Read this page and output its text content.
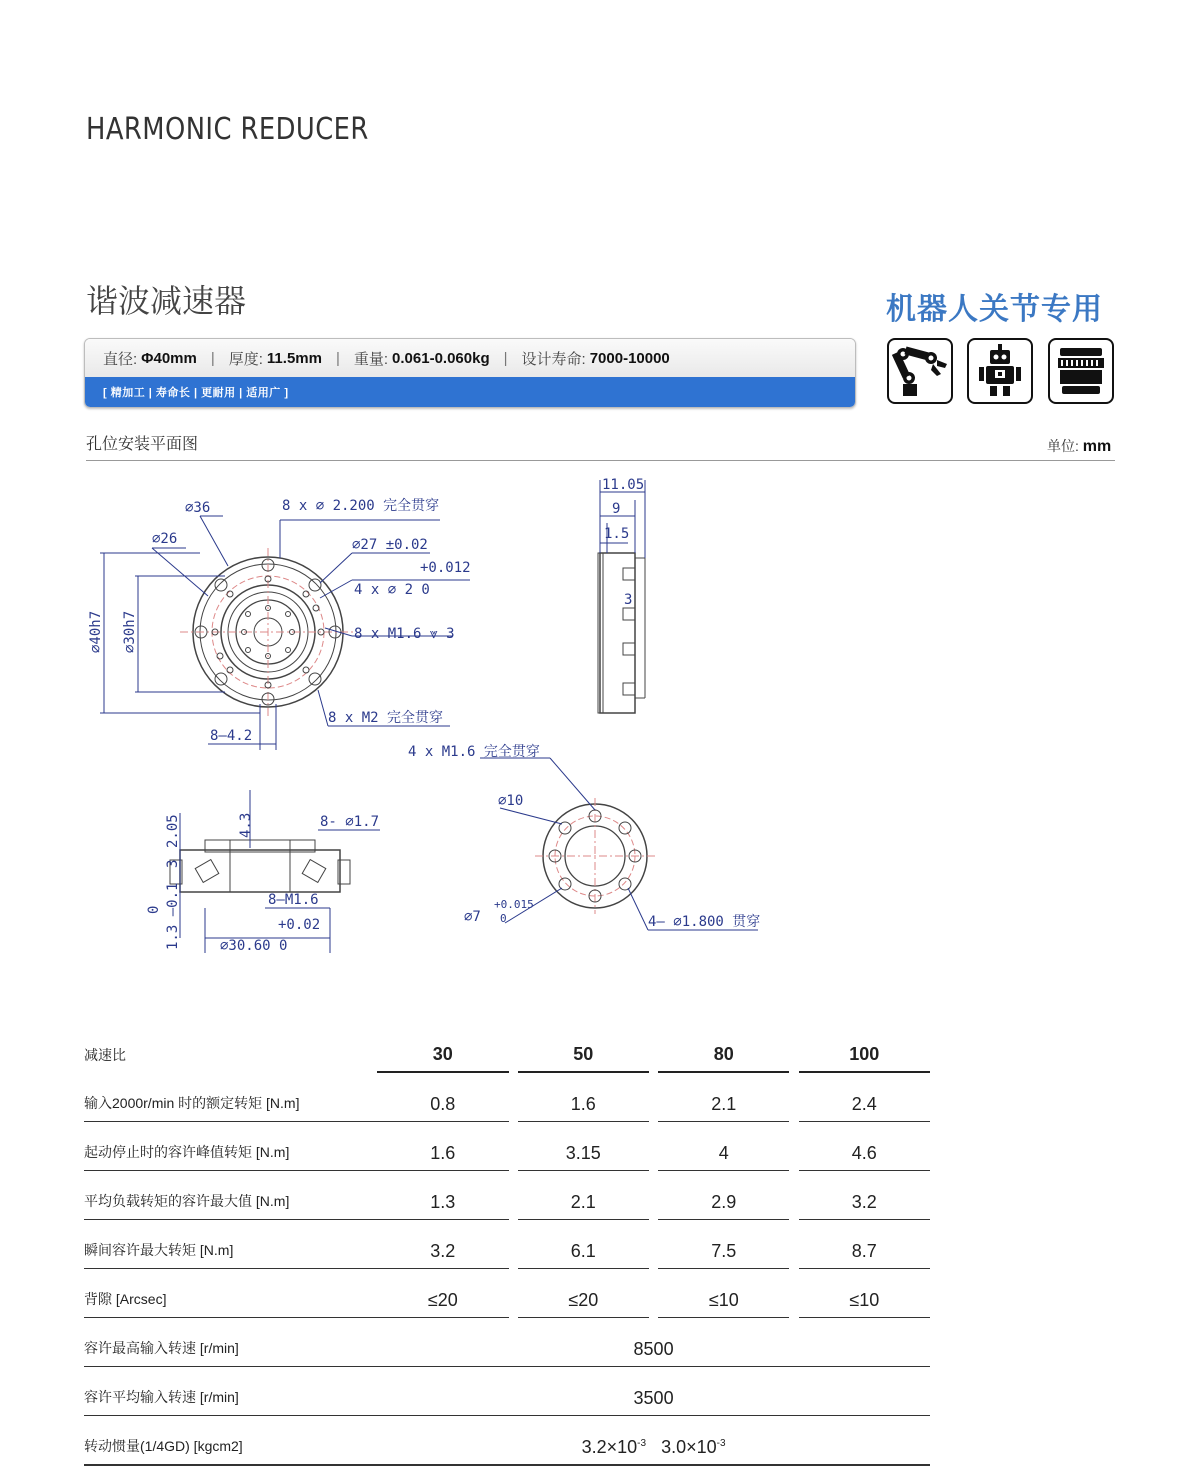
HARMONIC REDUCER
谐波减速器	机器人关节专用
直径: Φ40mm | 厚度: 11.5mm | 重量: 0.061-0.060kg | 设计寿命: 7000-10000
[ 精加工 | 寿命长 | 更耐用 | 适用广 ]
孔位安装平面图	单位: mm
∅36	8 x ∅ 2.200 完全贯穿
∅26	∅27 ±0.02
+0.012
4 x ∅ 2 0
8 x M1.6 ⩔ 3
∅40h7 ∅30h7
8 x M2 完全贯穿
8–4.2
11.05
9
1.5
3
4 x M1.6 完全贯穿
∅10
2.05	4.3
3
8- ∅1.7
8–M1.6
+0.02
0 1.3 –0.1	∅30.60 0
∅7
+0.015
0	4– ∅1.800 贯穿
减速比	30		50		80		100
输入2000r/min 时的额定转矩 [N.m]	0.8		1.6		2.1		2.4
起动停止时的容许峰值转矩 [N.m]	1.6		3.15		4		4.6
平均负载转矩的容许最大值 [N.m]	1.3		2.1		2.9		3.2
瞬间容许最大转矩 [N.m]	3.2		6.1		7.5		8.7
背隙 [Arcsec]	≤20		≤20		≤10		≤10
容许最高输入转速 [r/min]	8500						
容许平均输入转速 [r/min]	3500						
转动惯量(1/4GD) [kgcm2]	$3.2\times 10^{-3}$ $3.0\times 10^{-3}$
